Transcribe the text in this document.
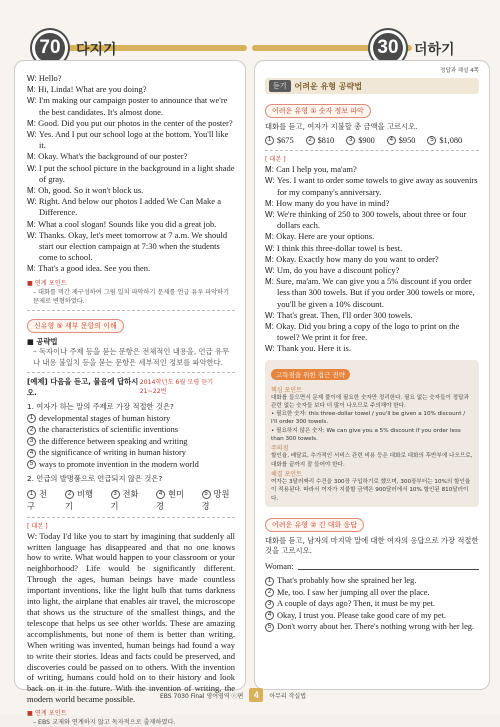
70 다지기	30 더하기
W: Hello?
M: Hi, Linda! What are you doing?
W: I'm making our campaign poster to announce that we're the best candidates. It's almost done.
M: Good. Did you put our photos in the center of the poster?
W: Yes. And I put our school logo at the bottom. You'll like it.
M: Okay. What's the background of our poster?
W: I put the school picture in the background in a light shade of gray.
M: Oh, good. So it won't block us.
W: Right. And below our photos I added We Can Make a Difference.
M: What a cool slogan! Sounds like you did a great job.
W: Thanks. Okay, let's meet tomorrow at 7 a.m. We should start our election campaign at 7:30 when the students come to school.
M: That's a good idea. See you then.
■ 연계 포인트
– 대화를 먹간 제구성하여 그림 일치 파악하기 문제를 언급 유우 파악하기 문제로 변형하였다.
신유형 ⑤ 세부 문항의 이해
■ 공략법
– 독자이나 주제 등을 묻는 문항은 전체적인 내용을, 언급 유무나 내용 불일치 등을 묻는 문항은 세부적인 정보를 파악한다.
[예제] 다음을 듣고, 물음에 답하시오.
2014학년도 6월 모평 듣기 21~22번
1. 여자가 하는 말의 주제로 가장 적절한 것은?
1 developmental stages of human history
2 the characteristics of scientific inventions
3 the difference between speaking and writing
4 the significance of writing in human history
5 ways to promote invention in the modern world
2. 언급의 발명품으로 언급되지 않은 것은?
1 전구
2 비행기
3 전화기
4 현미경
5 망원경
[ 대본 ]
W: Today I'd like you to start by imagining that suddenly all written language has disappeared and that no one knows how to write. What would happen to your classroom or your neighborhood? Life would be significantly different. Through the ages, human beings have made countless important inventions, like the light bulb that turns darkness into light, the airplane that enables air travel, the microscope that shows us the structure of the smallest things, and the telescope that helps us see other worlds. These are amazing accomplishments, but none of them is better than writing. When writing was invented, human beings had found a way to write their stories. Ideas and facts could be preserved, and discoveries could be passed on to others. With the invention of writing, humans could hold on to their history and look back on it in the future. With the invention of writing, the modern world became possible.
■ 연계 포인트
– EBS 교재와 연계하지 않고 독자적으로 출제하였다.
정답과 해설 4쪽
듣기	어려운 유형 공략법
어려운 유형 ① 숫자 정보 파악
대화를 듣고, 여자가 지불할 총 금액을 고르시오.
1 $675	2 $810	3 $900	4 $950	5 $1,080
[ 대본 ]
M: Can I help you, ma'am?
W: Yes. I want to order some towels to give away as souvenirs for my company's anniversary.
M: How many do you have in mind?
W: We're thinking of 250 to 300 towels, about three or four dollars each.
M: Okay. Here are your options.
W: I think this three-dollar towel is best.
M: Okay. Exactly how many do you want to order?
W: Um, do you have a discount policy?
M: Sure, ma'am. We can give you a 5% discount if you order less than 300 towels. But if you order 300 towels or more, you'll be given a 10% discount.
W: That's great. Then, I'll order 300 towels.
M: Okay. Did you bring a copy of the logo to print on the towel? We print it for free.
W: Thank you. Here it is.
고득점을 위한 접근 전략
핵심 포인트
대화를 들으면서 문제 풀이에 필요한 숫자만 정리한다. 필요 없는 숫자들이 정답과 관련 없는 숫자들 보다 더 많이 나오므로 주의해야 한다.
• 필요한 숫자: this three-dollar towel / you'll be given a 10% discount / I'll order 300 towels.
• 필요하지 않은 숫자: We can give you a 5% discount if you order less than 300 towels.
주의점
할인율, 배달료, 추가적인 서비스 관련 비용 등은 대화로 대화의 후반부에 나오므로, 대화를 끝까지 잘 들어야 한다.
해결 포인트
여자는 3달러짜리 수건을 300장 구입하기로 했으며, 300장부터는 10%의 할인율이 적용된다. 따라서 여자가 지불할 금액은 900달러에서 10% 할인된 810달러이다.
어려운 유형 ② 긴 대화 응답
대화를 듣고, 남자의 마지막 말에 대한 여자의 응답으로 가장 적절한 것을 고르시오.
Woman:
1 That's probably how she sprained her leg.
2 Me, too. I saw her jumping all over the place.
3 A couple of days ago? Then, it must be my pet.
4 Okay, I trust you. Please take good care of my pet.
5 Don't worry about her. There's nothing wrong with her leg.
EBS 7030 Final 영어영역 ⓔ편	4	아무리 작실법
